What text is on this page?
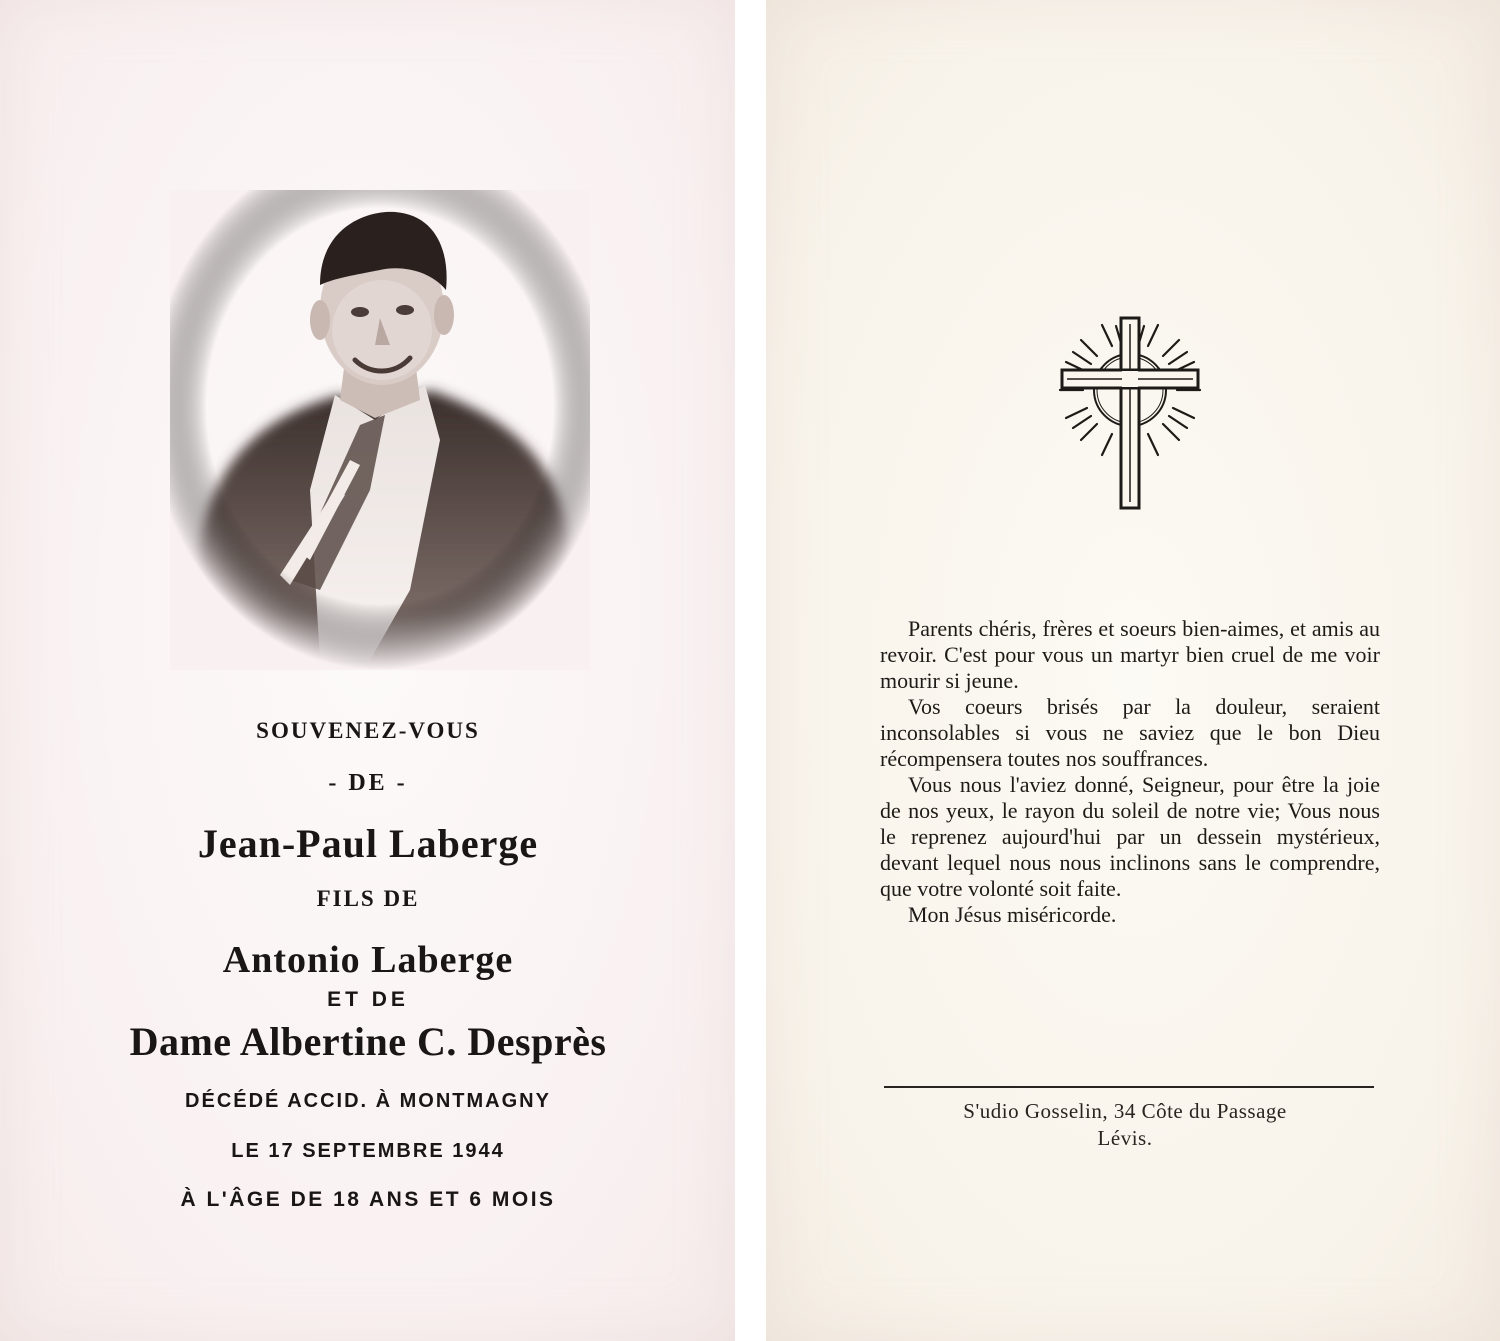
SOUVENEZ-VOUS
- DE -
Jean-Paul Laberge
FILS DE
Antonio Laberge
ET DE
Dame Albertine C. Desprès
DÉCÉDÉ ACCID. À MONTMAGNY
LE 17 SEPTEMBRE 1944
À L'ÂGE DE 18 ANS ET 6 MOIS

Parents chéris, frères et soeurs bien-aimes, et amis au revoir. C'est pour vous un martyr bien cruel de me voir mourir si jeune.

Vos coeurs brisés par la douleur, seraient inconsolables si vous ne saviez que le bon Dieu récompensera toutes nos souffrances.

Vous nous l'aviez donné, Seigneur, pour être la joie de nos yeux, le rayon du soleil de notre vie; Vous nous le reprenez aujourd'hui par un dessein mystérieux, devant lequel nous nous inclinons sans le comprendre, que votre volonté soit faite.

Mon Jésus miséricorde.

S'udio Gosselin, 34 Côte du Passage
Lévis.
